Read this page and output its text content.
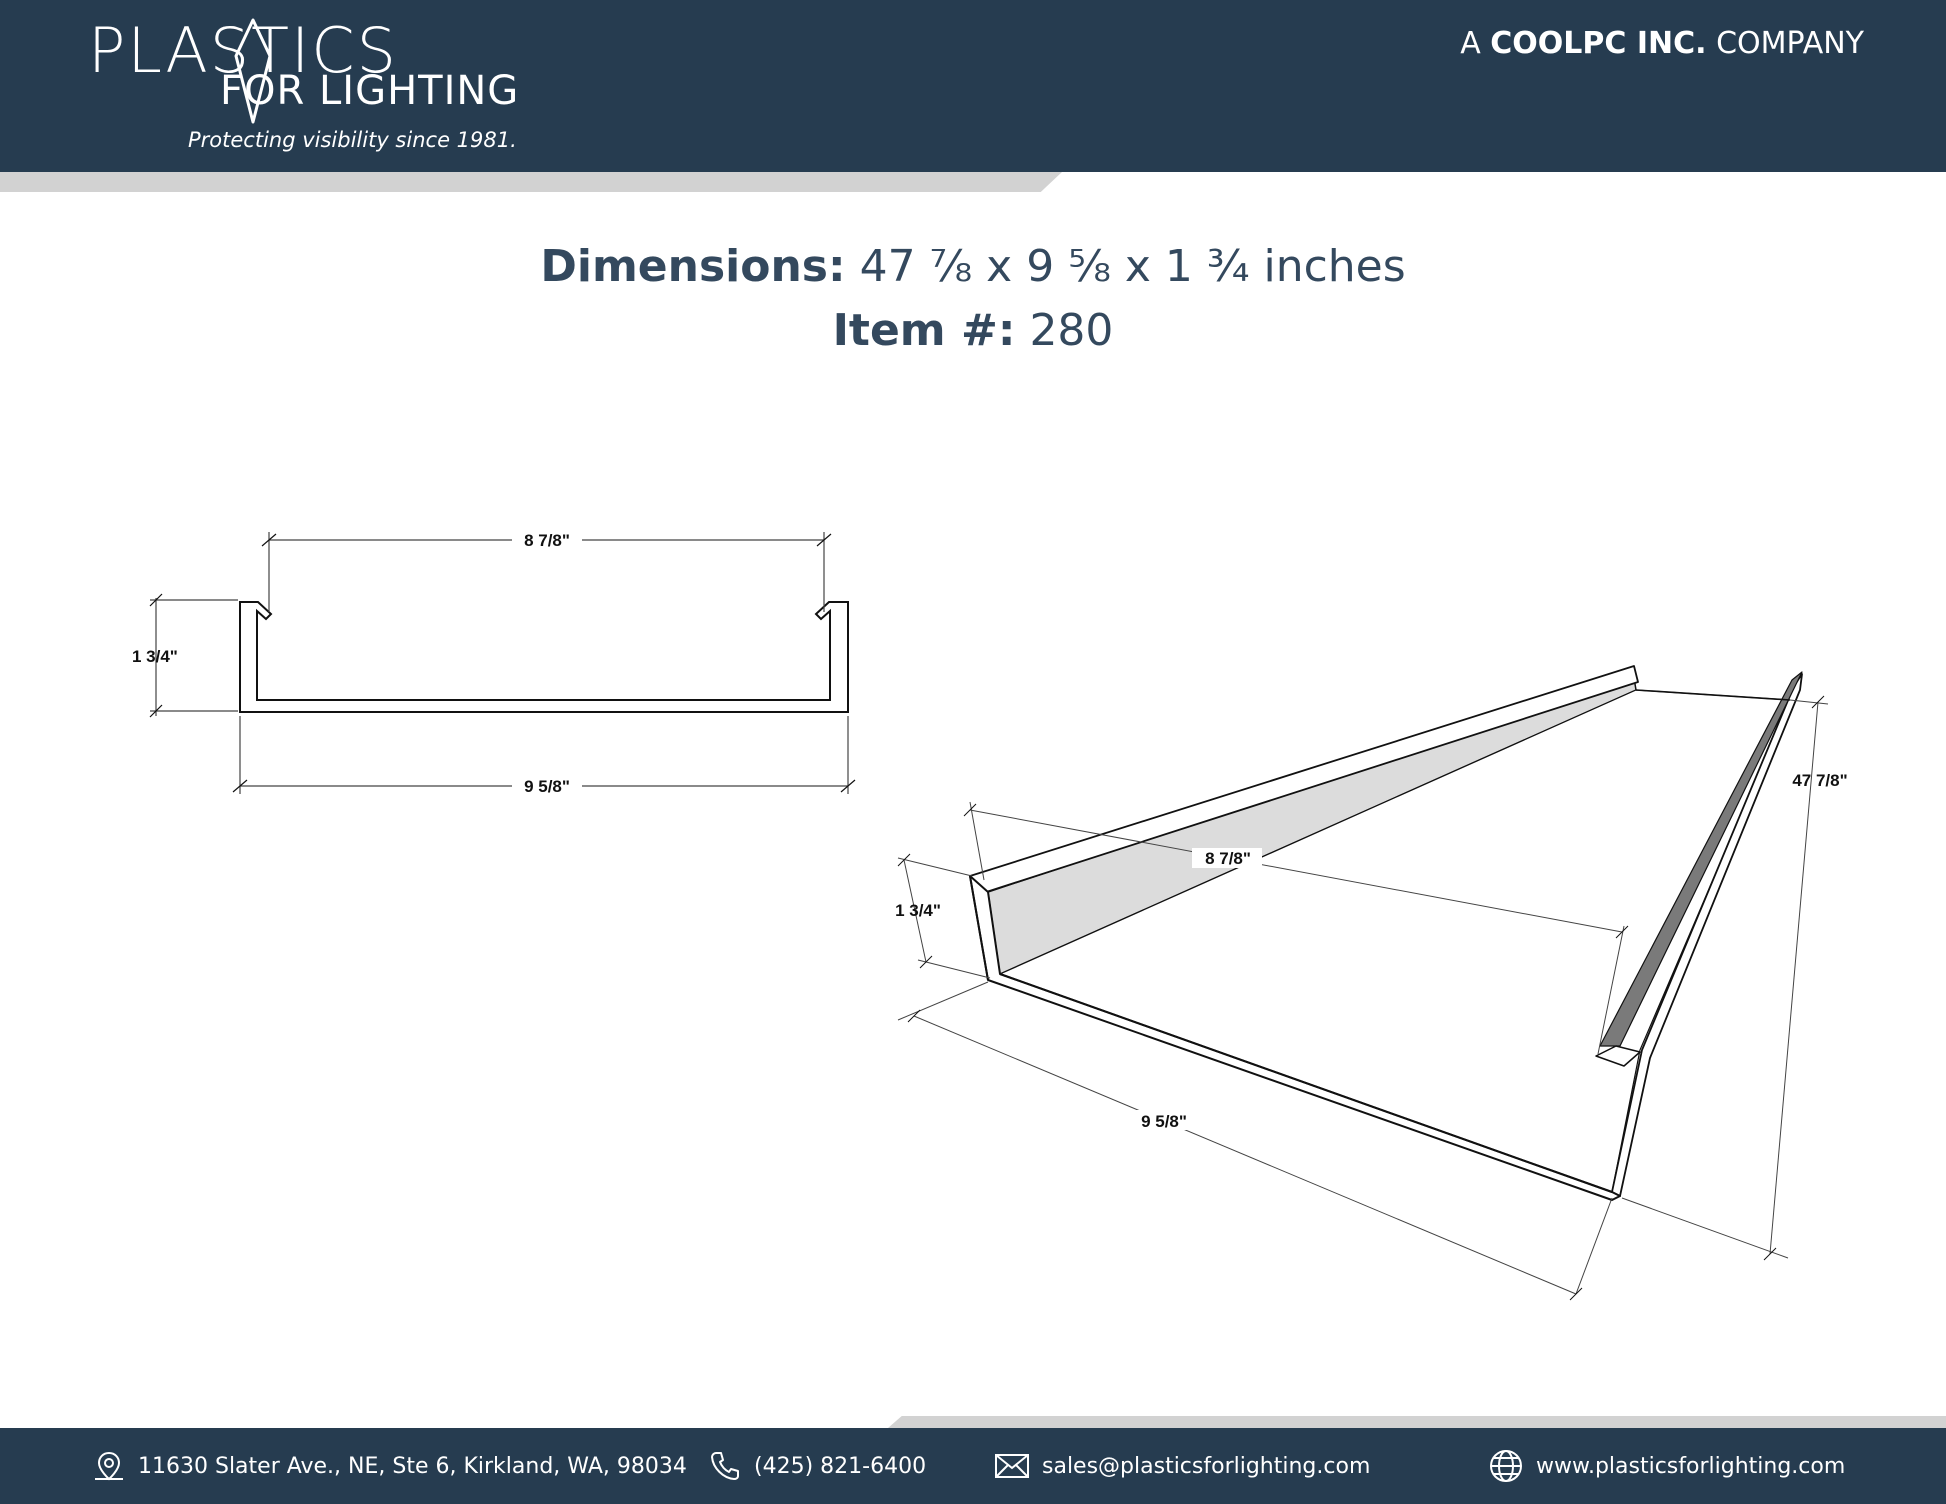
PLASTICS
FOR LIGHTING
Protecting visibility since 1981.
A COOLPC INC. COMPANY
Dimensions: 47 ⅞ x 9 ⅝ x 1 ¾ inches
Item #: 280
8 7/8"
1 3/4"
9 5/8"	47 7/8"
8 7/8"
1 3/4"
9 5/8"
11630 Slater Ave., NE, Ste 6, Kirkland, WA, 98034	(425) 821-6400	sales@plasticsforlighting.com	www.plasticsforlighting.com
